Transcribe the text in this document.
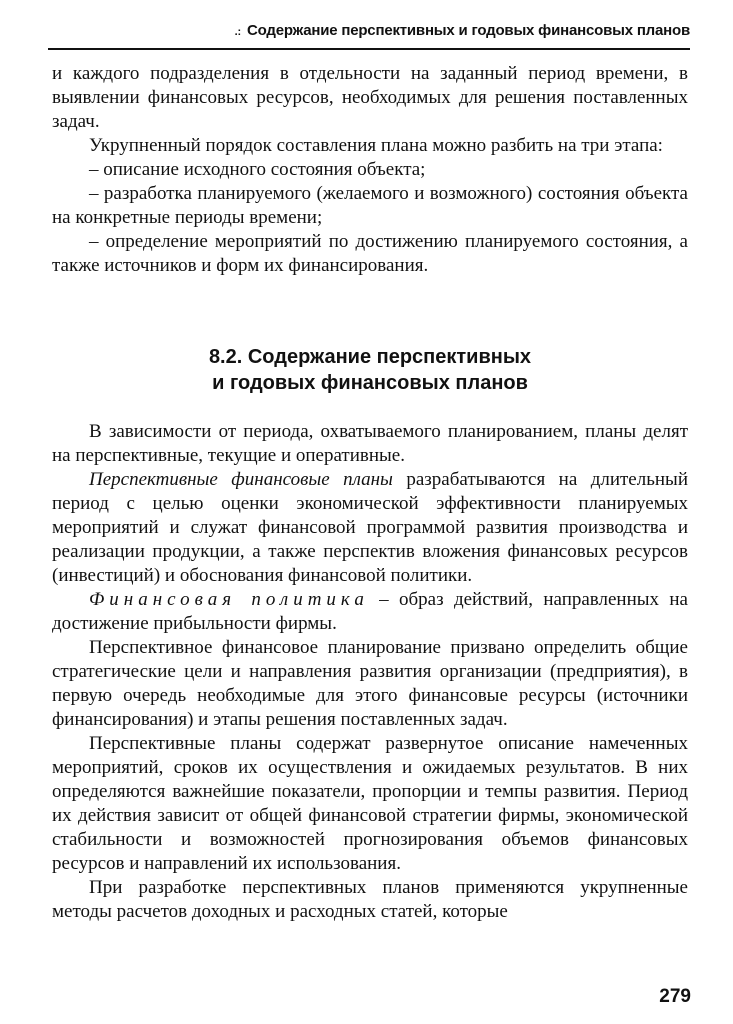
.: Содержание перспективных и годовых финансовых планов

и каждого подразделения в отдельности на заданный период времени, в выявлении финансовых ресурсов, необходимых для решения поставленных задач.

Укрупненный порядок составления плана можно разбить на три этапа:

– описание исходного состояния объекта;

– разработка планируемого (желаемого и возможного) состояния объекта на конкретные периоды времени;

– определение мероприятий по достижению планируемого состояния, а также источников и форм их финансирования.

8.2. Содержание перспективных
и годовых финансовых планов

В зависимости от периода, охватываемого планированием, планы делят на перспективные, текущие и оперативные.

Перспективные финансовые планы разрабатываются на длительный период с целью оценки экономической эффективности планируемых мероприятий и служат финансовой программой развития производства и реализации продукции, а также перспектив вложения финансовых ресурсов (инвестиций) и обоснования финансовой политики.

Финансовая политика – образ действий, направленных на достижение прибыльности фирмы.

Перспективное финансовое планирование призвано определить общие стратегические цели и направления развития организации (предприятия), в первую очередь необходимые для этого финансовые ресурсы (источники финансирования) и этапы решения поставленных задач.

Перспективные планы содержат развернутое описание намеченных мероприятий, сроков их осуществления и ожидаемых результатов. В них определяются важнейшие показатели, пропорции и темпы развития. Период их действия зависит от общей финансовой стратегии фирмы, экономической стабильности и возможностей прогнозирования объемов финансовых ресурсов и направлений их использования.

При разработке перспективных планов применяются укрупненные методы расчетов доходных и расходных статей, которые

279
